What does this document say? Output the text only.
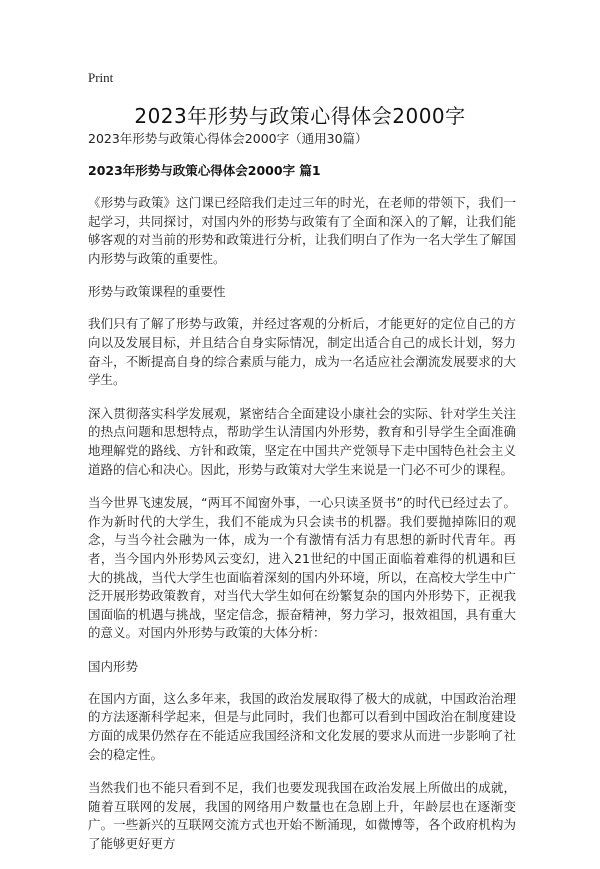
Print
2023年形势与政策心得体会2000字

2023年形势与政策心得体会2000字（通用30篇）

2023年形势与政策心得体会2000字 篇1

《形势与政策》这门课已经陪我们走过三年的时光，在老师的带领下，我们一起学习，共同探讨，对国内外的形势与政策有了全面和深入的了解，让我们能够客观的对当前的形势和政策进行分析，让我们明白了作为一名大学生了解国内形势与政策的重要性。

形势与政策课程的重要性

我们只有了解了形势与政策，并经过客观的分析后，才能更好的定位自己的方向以及发展目标，并且结合自身实际情况，制定出适合自己的成长计划，努力奋斗，不断提高自身的综合素质与能力，成为一名适应社会潮流发展要求的大学生。

深入贯彻落实科学发展观，紧密结合全面建设小康社会的实际、针对学生关注的热点问题和思想特点，帮助学生认清国内外形势，教育和引导学生全面准确地理解党的路线、方针和政策，坚定在中国共产党领导下走中国特色社会主义道路的信心和决心。因此，形势与政策对大学生来说是一门必不可少的课程。

当今世界飞速发展，“两耳不闻窗外事，一心只读圣贤书”的时代已经过去了。作为新时代的大学生，我们不能成为只会读书的机器。我们要抛掉陈旧的观念，与当今社会融为一体，成为一个有激情有活力有思想的新时代青年。再者，当今国内外形势风云变幻，进入21世纪的中国正面临着难得的机遇和巨大的挑战，当代大学生也面临着深刻的国内外环境，所以，在高校大学生中广泛开展形势政策教育，对当代大学生如何在纷繁复杂的国内外形势下，正视我国面临的机遇与挑战，坚定信念，振奋精神，努力学习，报效祖国，具有重大的意义。对国内外形势与政策的大体分析：

国内形势

在国内方面，这么多年来，我国的政治发展取得了极大的成就，中国政治治理的方法逐渐科学起来，但是与此同时，我们也都可以看到中国政治在制度建设方面的成果仍然存在不能适应我国经济和文化发展的要求从而进一步影响了社会的稳定性。

当然我们也不能只看到不足，我们也要发现我国在政治发展上所做出的成就，随着互联网的发展，我国的网络用户数量也在急剧上升，年龄层也在逐渐变广。一些新兴的互联网交流方式也开始不断涌现，如微博等，各个政府机构为了能够更好更方
